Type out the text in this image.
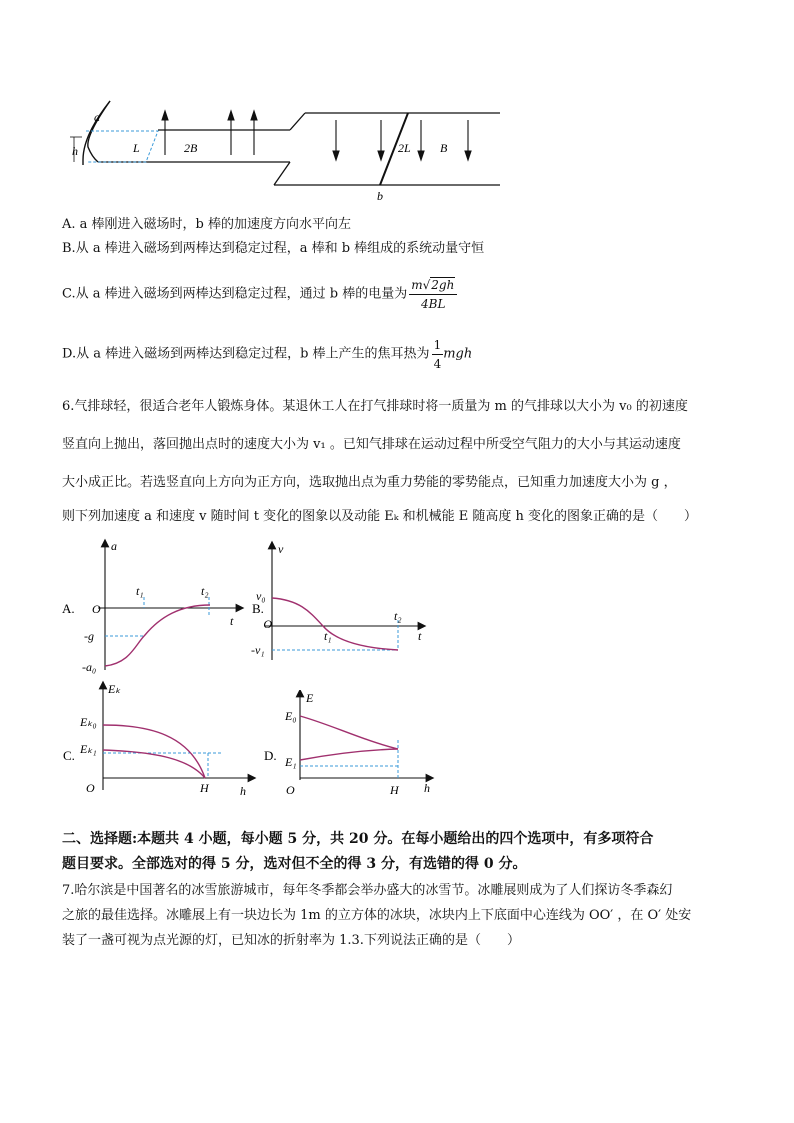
a
h	L	2B	2L B
b
A. a 棒刚进入磁场时，b 棒的加速度方向水平向左
B.从 a 棒进入磁场到两棒达到稳定过程，a 棒和 b 棒组成的系统动量守恒
C.从 a 棒进入磁场到两棒达到稳定过程，通过 b 棒的电量为 $\frac{m√2gh}{4BL}$
D.从 a 棒进入磁场到两棒达到稳定过程，b 棒上产生的焦耳热为 $\frac{1}{4}$ mgh
6.气排球轻，很适合老年人锻炼身体。某退休工人在打气排球时将一质量为 m 的气排球以大小为 v₀ 的初速度
竖直向上抛出，落回抛出点时的速度大小为 v₁ 。已知气排球在运动过程中所受空气阻力的大小与其运动速度
大小成正比。若选竖直向上方向为正方向，选取抛出点为重力势能的零势能点，已知重力加速度大小为 g ，
则下列加速度 a 和速度 v 随时间 t 变化的图象以及动能 Eₖ 和机械能 E 随高度 h 变化的图象正确的是（　　）
A.
a
t
O
t₁	t₂
-g
-a₀
B.
v
t
O
t₁
t₂
v₀
-v₁
C.
Eₖ
h
O
Eₖ₀
Eₖ₁
H
D.
E
h
O
E₀
E₁
H
二、选择题:本题共 4 小题，每小题 5 分，共 20 分。在每小题给出的四个选项中，有多项符合
题目要求。全部选对的得 5 分，选对但不全的得 3 分，有选错的得 0 分。
7.哈尔滨是中国著名的冰雪旅游城市，每年冬季都会举办盛大的冰雪节。冰雕展则成为了人们探访冬季森幻
之旅的最佳选择。冰雕展上有一块边长为 1m 的立方体的冰块，冰块内上下底面中心连线为 OO′ ，在 O′ 处安
装了一盏可视为点光源的灯，已知冰的折射率为 1.3.下列说法正确的是（　　）
